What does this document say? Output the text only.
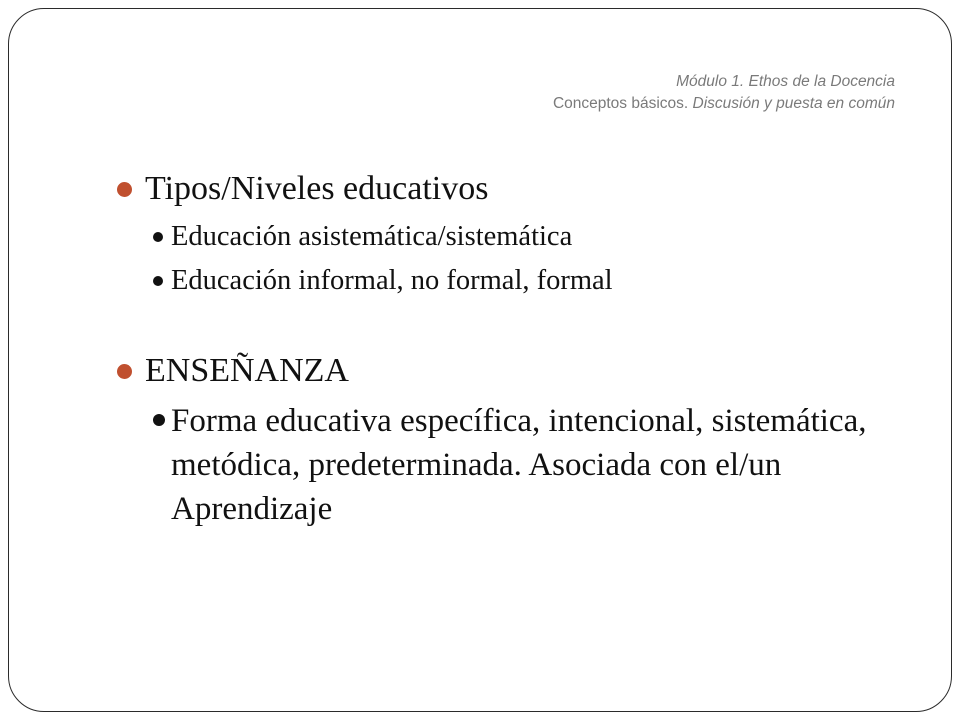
Módulo 1. Ethos de la Docencia
Conceptos básicos. Discusión y puesta en común
Tipos/Niveles educativos
Educación asistemática/sistemática
Educación informal, no formal, formal
ENSEÑANZA
Forma educativa específica, intencional, sistemática, metódica, predeterminada. Asociada con el/un Aprendizaje
